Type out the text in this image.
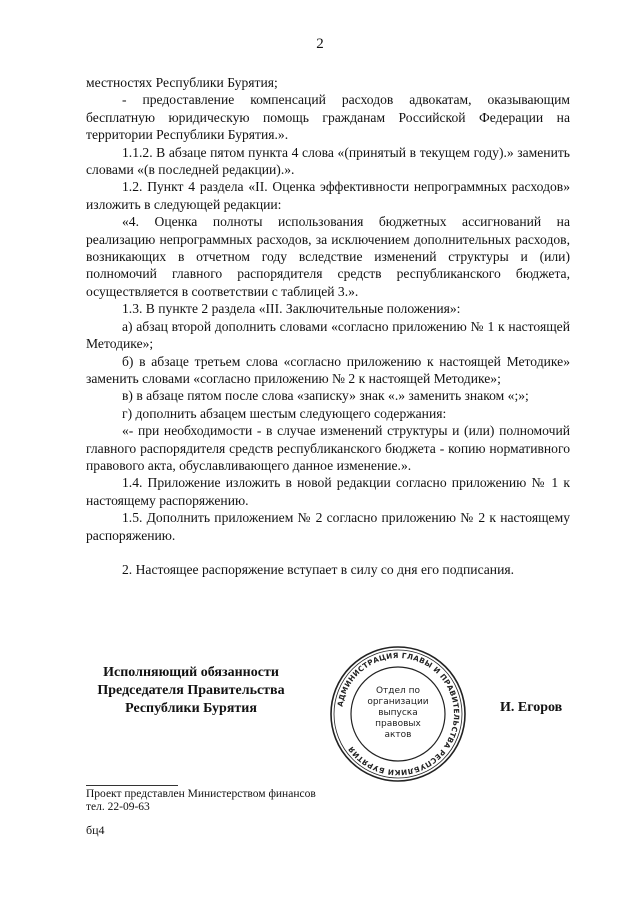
2

местностях Республики Бурятия;

- предоставление компенсаций расходов адвокатам, оказывающим бесплатную юридическую помощь гражданам Российской Федерации на территории Республики Бурятия.».

1.1.2. В абзаце пятом пункта 4 слова «(принятый в текущем году).» заменить словами «(в последней редакции).».

1.2. Пункт 4 раздела «II. Оценка эффективности непрограммных расходов» изложить в следующей редакции:

«4. Оценка полноты использования бюджетных ассигнований на реализацию непрограммных расходов, за исключением дополнительных расходов, возникающих в отчетном году вследствие изменений структуры и (или) полномочий главного распорядителя средств республиканского бюджета, осуществляется в соответствии с таблицей 3.».

1.3. В пункте 2 раздела «III. Заключительные положения»:

а) абзац второй дополнить словами «согласно приложению № 1 к настоящей Методике»;

б) в абзаце третьем слова «согласно приложению к настоящей Методике» заменить словами «согласно приложению № 2 к настоящей Методике»;

в) в абзаце пятом после слова «записку» знак «.» заменить знаком «;»;

г) дополнить абзацем шестым следующего содержания:

«- при необходимости - в случае изменений структуры и (или) полномочий главного распорядителя средств республиканского бюджета - копию нормативного правового акта, обуславливающего данное изменение.».

1.4. Приложение изложить в новой редакции согласно приложению № 1 к настоящему распоряжению.

1.5. Дополнить приложением № 2 согласно приложению № 2 к настоящему распоряжению.

2. Настоящее распоряжение вступает в силу со дня его подписания.

Исполняющий обязанности
Председателя Правительства
Республики Бурятия	АДМИНИСТРАЦИЯ ГЛАВЫ И ПРАВИТЕЛЬСТВА РЕСПУБЛИКИ БУРЯТИЯ
Отдел по
организации
выпуска
правовых
актов
И. Егоров
Проект представлен Министерством финансов
тел. 22-09-63
бц4
